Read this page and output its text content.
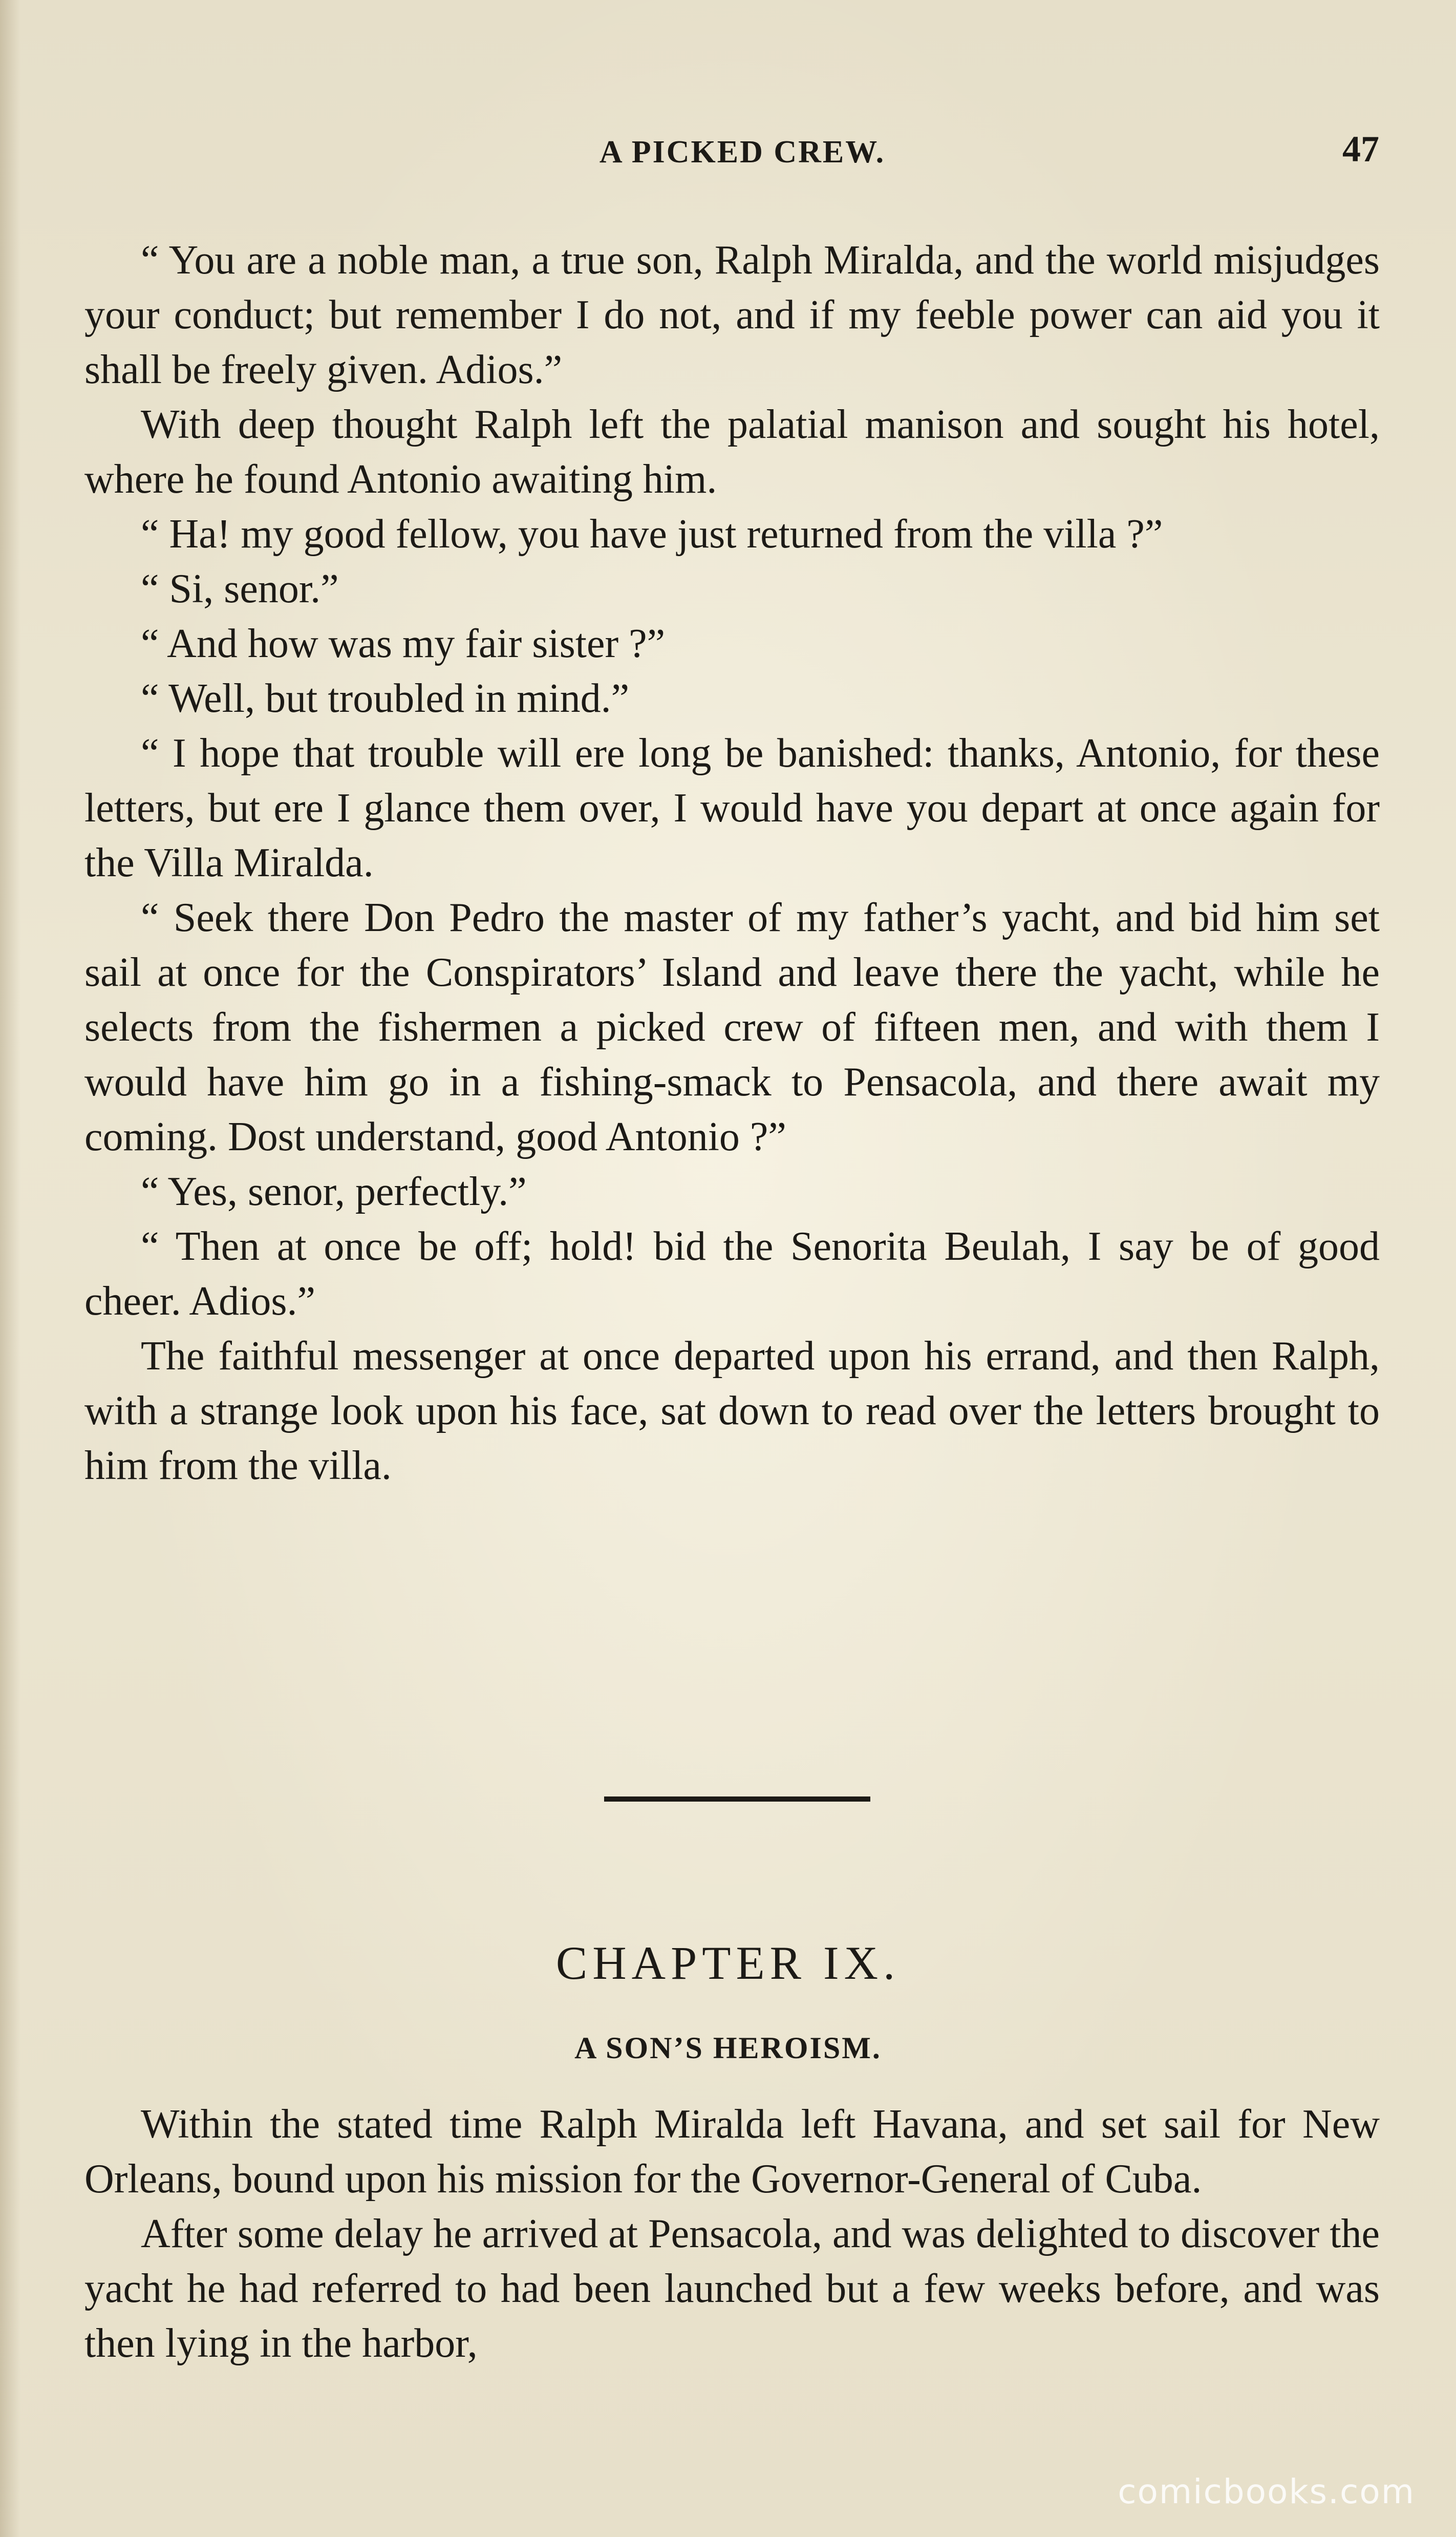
A PICKED CREW.	47

“ You are a noble man, a true son, Ralph Miralda, and the world misjudges your conduct; but remember I do not, and if my feeble power can aid you it shall be freely given. Adios.”

With deep thought Ralph left the palatial manison and sought his hotel, where he found Antonio awaiting him.

“ Ha! my good fellow, you have just returned from the villa ?”

“ Si, senor.”

“ And how was my fair sister ?”

“ Well, but troubled in mind.”

“ I hope that trouble will ere long be banished: thanks, Antonio, for these letters, but ere I glance them over, I would have you depart at once again for the Villa Miralda.

“ Seek there Don Pedro the master of my father’s yacht, and bid him set sail at once for the Conspirators’ Island and leave there the yacht, while he selects from the fishermen a picked crew of fifteen men, and with them I would have him go in a fishing-smack to Pensacola, and there await my coming. Dost understand, good Antonio ?”

“ Yes, senor, perfectly.”

“ Then at once be off; hold! bid the Senorita Beulah, I say be of good cheer. Adios.”

The faithful messenger at once departed upon his errand, and then Ralph, with a strange look upon his face, sat down to read over the letters brought to him from the villa.

CHAPTER IX.
A SON’S HEROISM.

Within the stated time Ralph Miralda left Havana, and set sail for New Orleans, bound upon his mission for the Governor-General of Cuba.

After some delay he arrived at Pensacola, and was delighted to discover the yacht he had referred to had been launched but a few weeks before, and was then lying in the harbor,

comicbooks.com
